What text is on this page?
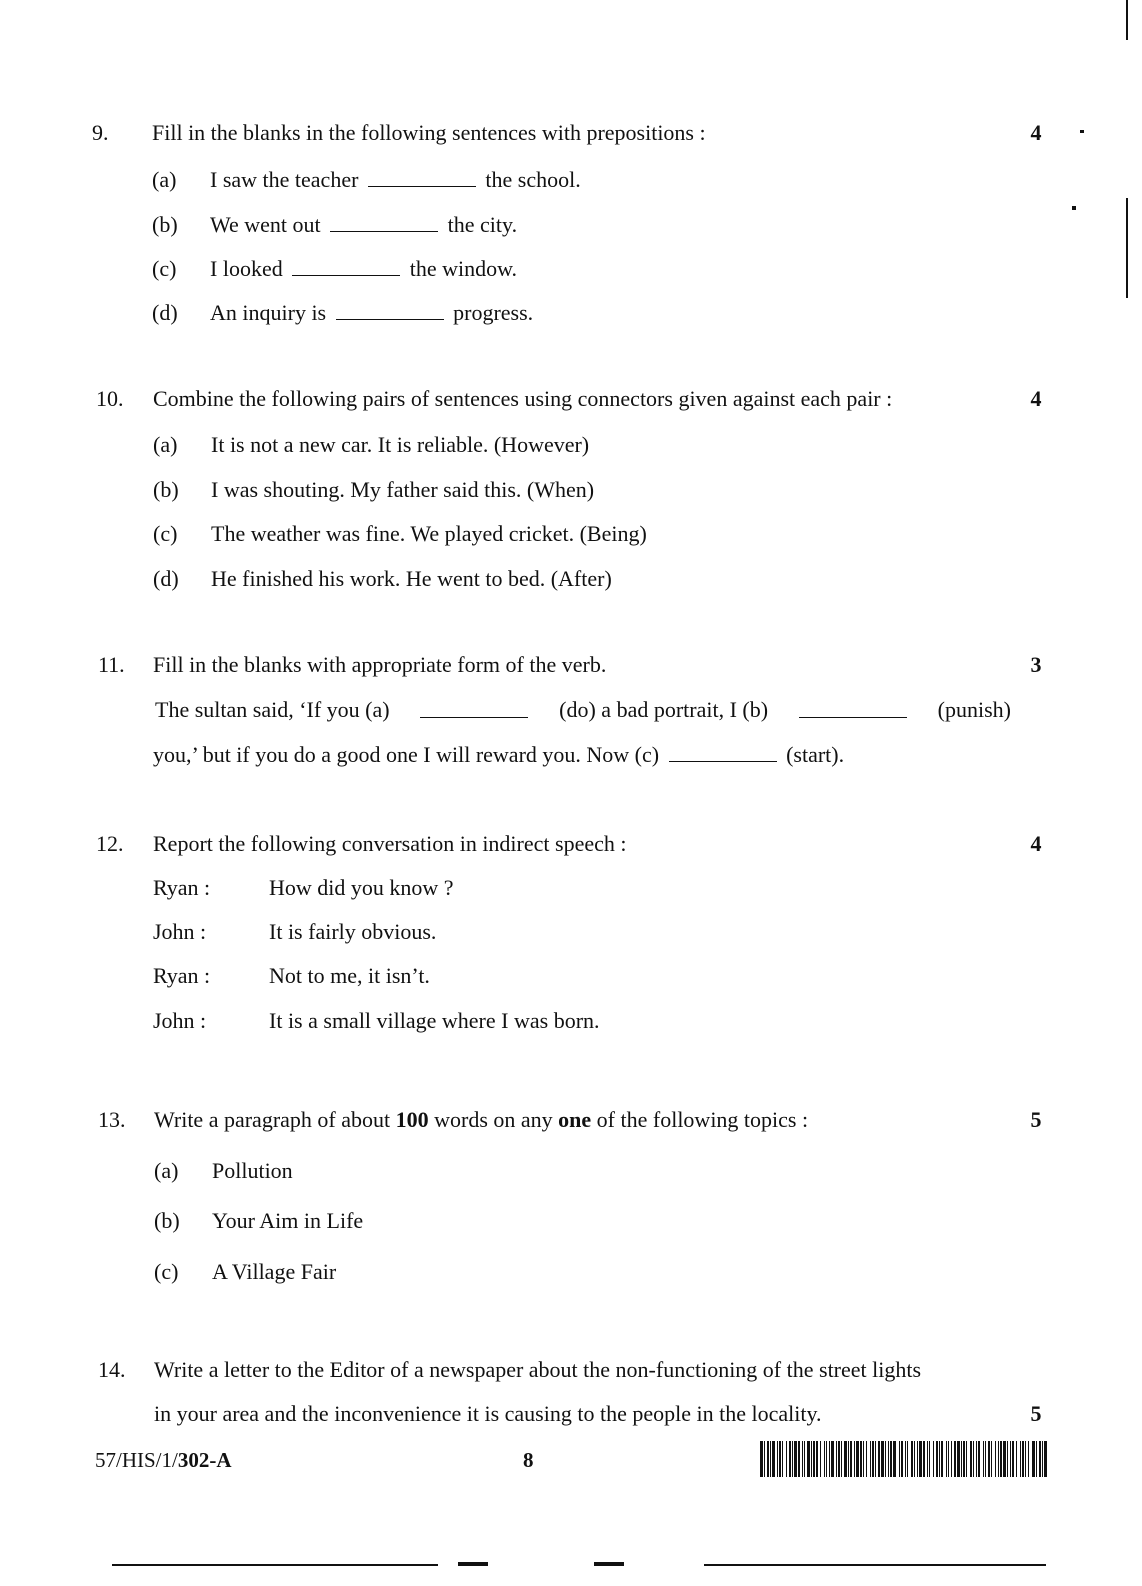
9. Fill in the blanks in the following sentences with prepositions :	4
(a) I saw the teacher	the school.
(b) We went out	the city.
(c) I looked	the window.
(d) An inquiry is	progress.
10. Combine the following pairs of sentences using connectors given against each pair :	4
(a) It is not a new car. It is reliable. (However)
(b) I was shouting. My father said this. (When)
(c) The weather was fine. We played cricket. (Being)
(d) He finished his work. He went to bed. (After)
11. Fill in the blanks with appropriate form of the verb.	3
The sultan said, ‘If you (a)	(do) a bad portrait, I (b)	(punish)
you,’ but if you do a good one I will reward you. Now (c)	(start).
12. Report the following conversation in indirect speech :	4
Ryan :	How did you know ?
John :	It is fairly obvious.
Ryan :	Not to me, it isn’t.
John :	It is a small village where I was born.
13. Write a paragraph of about 100 words on any one of the following topics :	5
(a) Pollution
(b) Your Aim in Life
(c) A Village Fair
14. Write a letter to the Editor of a newspaper about the non-functioning of the street lights
in your area and the inconvenience it is causing to the people in the locality.	5
57/HIS/1/302-A	8
